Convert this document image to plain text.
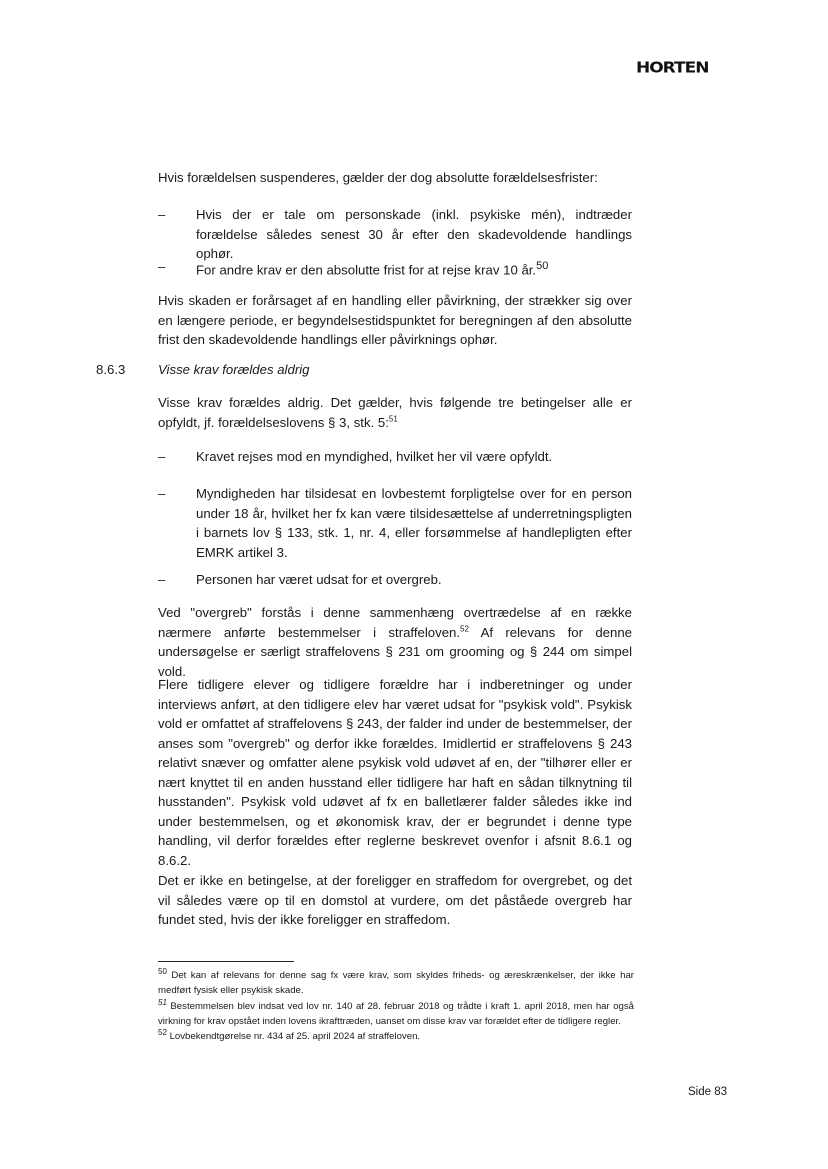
HORTEN

Hvis forældelsen suspenderes, gælder der dog absolutte forældelsesfrister:

–	Hvis der er tale om personskade (inkl. psykiske mén), indtræder forældelse således senest 30 år efter den skadevoldende handlings ophør.
–	For andre krav er den absolutte frist for at rejse krav 10 år.$^{50}$

Hvis skaden er forårsaget af en handling eller påvirkning, der strækker sig over en længere periode, er begyndelsestidspunktet for beregningen af den absolutte frist den skadevoldende handlings eller påvirknings ophør.

8.6.3 Visse krav forældes aldrig

Visse krav forældes aldrig. Det gælder, hvis følgende tre betingelser alle er opfyldt, jf. forældelseslovens § 3, stk. 5:$^{51}$

–	Kravet rejses mod en myndighed, hvilket her vil være opfyldt.
–	Myndigheden har tilsidesat en lovbestemt forpligtelse over for en person under 18 år, hvilket her fx kan være tilsidesættelse af underretningspligten i barnets lov § 133, stk. 1, nr. 4, eller forsømmelse af handlepligten efter EMRK artikel 3.
–	Personen har været udsat for et overgreb.

Ved "overgreb" forstås i denne sammenhæng overtrædelse af en række nærmere anførte bestemmelser i straffeloven.$^{52}$ Af relevans for denne undersøgelse er særligt straffelovens § 231 om grooming og § 244 om simpel vold.

Flere tidligere elever og tidligere forældre har i indberetninger og under interviews anført, at den tidligere elev har været udsat for "psykisk vold". Psykisk vold er omfattet af straffelovens § 243, der falder ind under de bestemmelser, der anses som "overgreb" og derfor ikke forældes. Imidlertid er straffelovens § 243 relativt snæver og omfatter alene psykisk vold udøvet af en, der "tilhører eller er nært knyttet til en anden husstand eller tidligere har haft en sådan tilknytning til husstanden". Psykisk vold udøvet af fx en balletlærer falder således ikke ind under bestemmelsen, og et økonomisk krav, der er begrundet i denne type handling, vil derfor forældes efter reglerne beskrevet ovenfor i afsnit 8.6.1 og 8.6.2.

Det er ikke en betingelse, at der foreligger en straffedom for overgrebet, og det vil således være op til en domstol at vurdere, om det påståede overgreb har fundet sted, hvis der ikke foreligger en straffedom.

$^{50}$ Det kan af relevans for denne sag fx være krav, som skyldes friheds- og æreskrænkelser, der ikke har medført fysisk eller psykisk skade.

$^{51}$ Bestemmelsen blev indsat ved lov nr. 140 af 28. februar 2018 og trådte i kraft 1. april 2018, men har også virkning for krav opstået inden lovens ikrafttræden, uanset om disse krav var forældet efter de tidligere regler.

$^{52}$ Lovbekendtgørelse nr. 434 af 25. april 2024 af straffeloven.

Side 83
